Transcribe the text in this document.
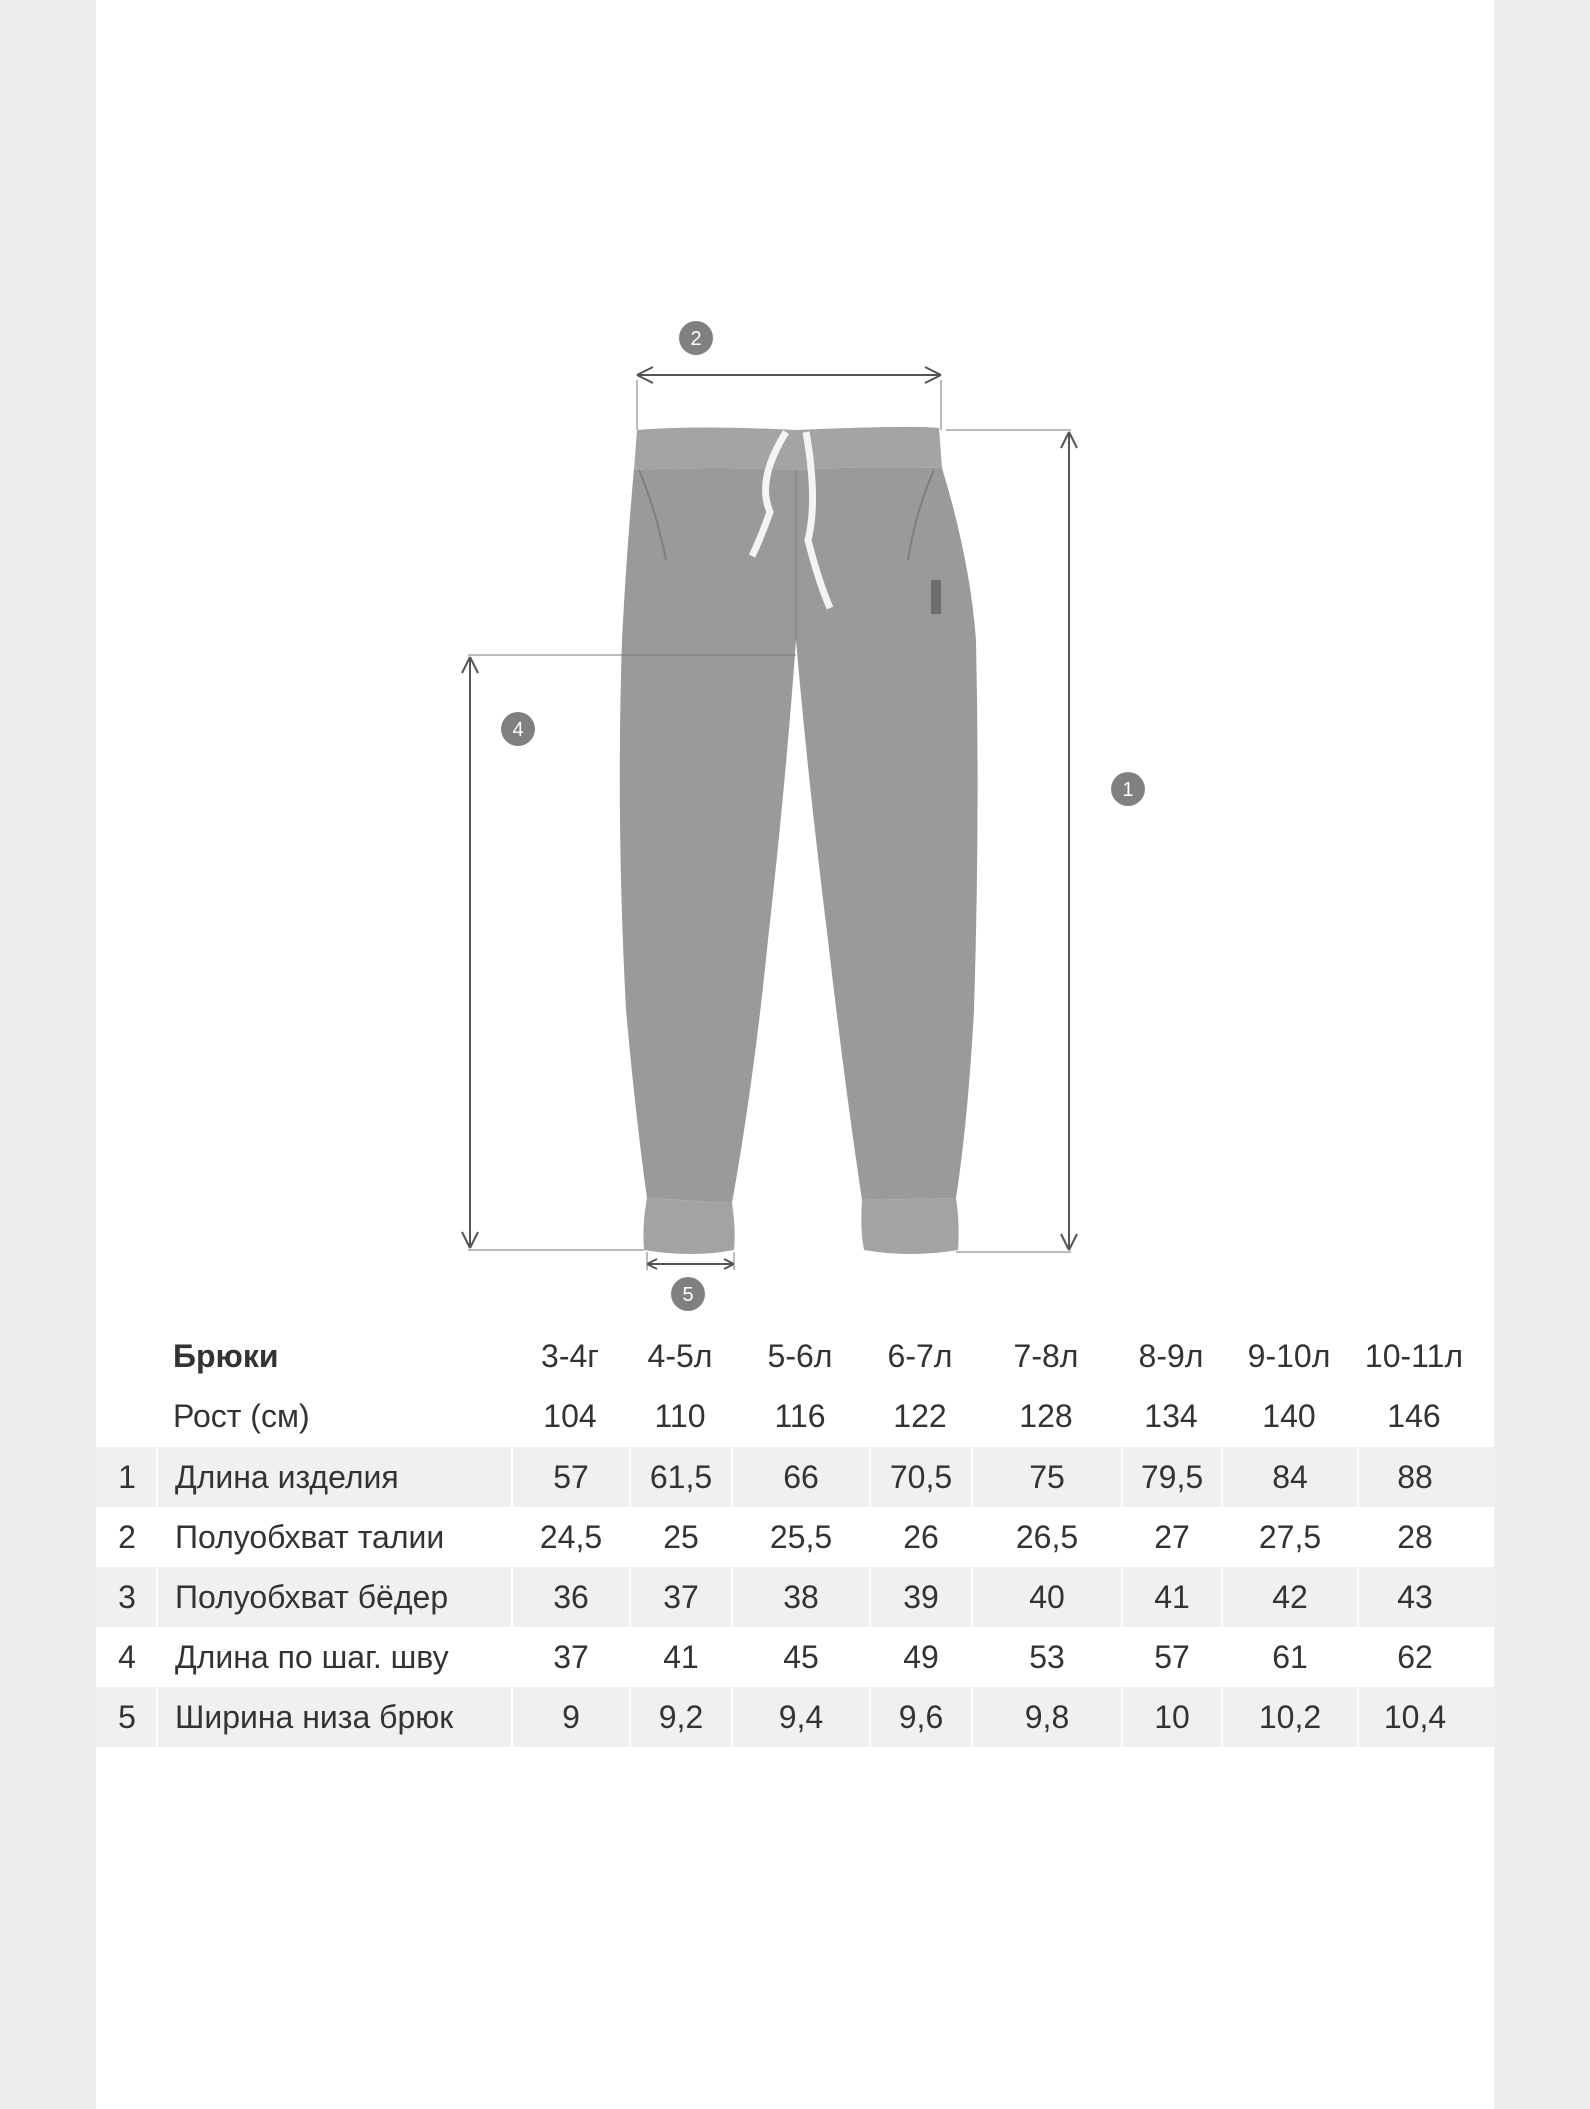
2
1
4
5
Брюки	3-4г	4-5л	5-6л	6-7л	7-8л	8-9л	9-10л	10-11л
Рост (см)	104	110	116	122	128	134	140	146
1	Длина изделия	57	61,5	66	70,5	75	79,5	84	88
2	Полуобхват талии	24,5	25	25,5	26	26,5	27	27,5	28
3	Полуобхват бёдер	36	37	38	39	40	41	42	43
4	Длина по шаг. шву	37	41	45	49	53	57	61	62
5	Ширина низа брюк	9	9,2	9,4	9,6	9,8	10	10,2	10,4
